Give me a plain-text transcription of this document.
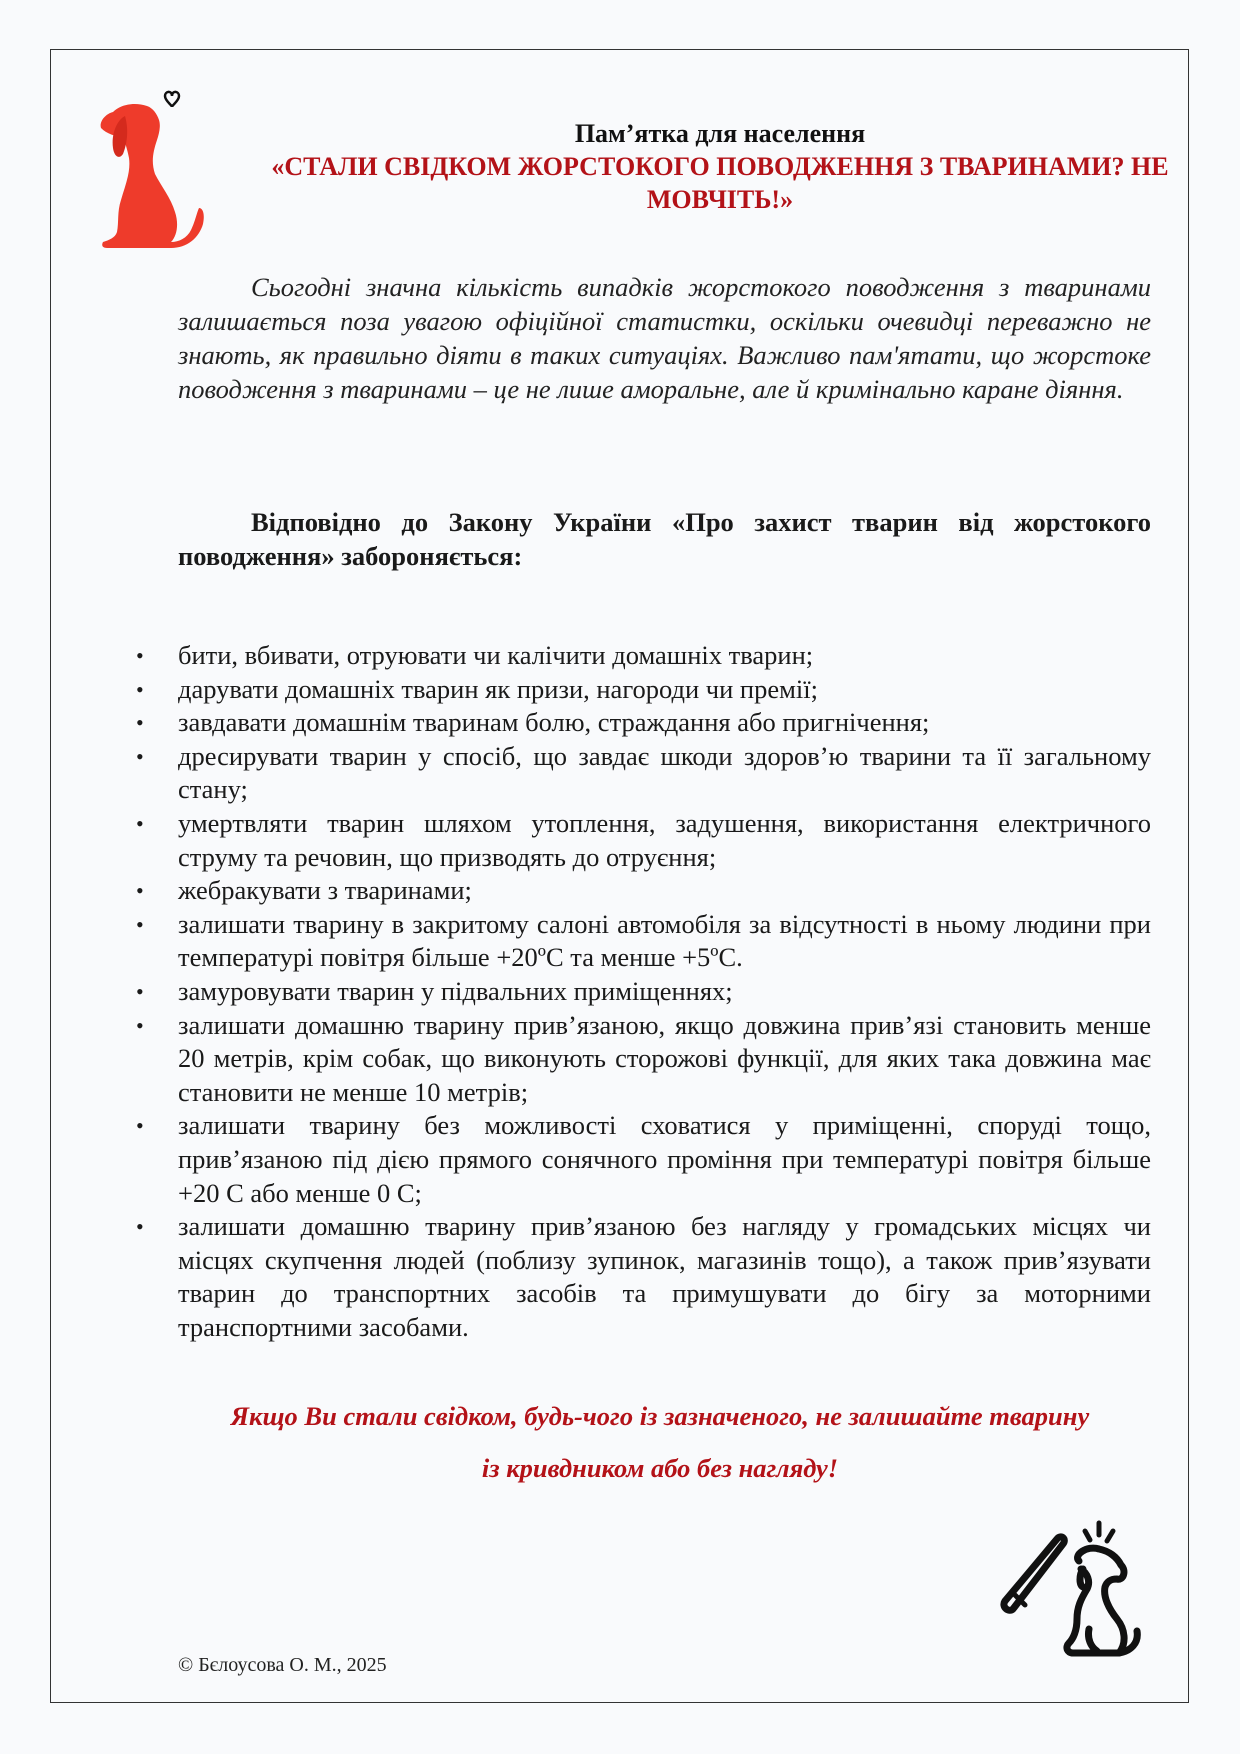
Пам’ятка для населення
«СТАЛИ СВІДКОМ ЖОРСТОКОГО ПОВОДЖЕННЯ З ТВАРИНАМИ? НЕ МОВЧІТЬ!»

Сьогодні значна кількість випадків жорстокого поводження з тваринами залишається поза увагою офіційної статистки, оскільки очевидці переважно не знають, як правильно діяти в таких ситуаціях. Важливо пам'ятати, що жорстоке поводження з тваринами – це не лише аморальне, але й кримінально каране діяння.

Відповідно до Закону України «Про захист тварин від жорстокого поводження» забороняється:

• бити, вбивати, отруювати чи калічити домашніх тварин;
• дарувати домашніх тварин як призи, нагороди чи премії;
• завдавати домашнім тваринам болю, страждання або пригнічення;
• дресирувати тварин у спосіб, що завдає шкоди здоров’ю тварини та її загальному стану;
• умертвляти тварин шляхом утоплення, задушення, використання електричного струму та речовин, що призводять до отруєння;
• жебракувати з тваринами;
• залишати тварину в закритому салоні автомобіля за відсутності в ньому людини при температурі повітря більше +20ºС та менше +5ºС.
• замуровувати тварин у підвальних приміщеннях;
• залишати домашню тварину прив’язаною, якщо довжина прив’язі становить менше 20 метрів, крім собак, що виконують сторожові функції, для яких така довжина має становити не менше 10 метрів;
• залишати тварину без можливості сховатися у приміщенні, споруді тощо, прив’язаною під дією прямого сонячного проміння при температурі повітря більше +20 С або менше 0 С;
• залишати домашню тварину прив’язаною без нагляду у громадських місцях чи місцях скупчення людей (поблизу зупинок, магазинів тощо), а також прив’язувати тварин до транспортних засобів та примушувати до бігу за моторними транспортними засобами.
Якщо Ви стали свідком, будь-чого із зазначеного, не залишайте тварину
із кривдником або без нагляду!
© Бєлоусова О. М., 2025
